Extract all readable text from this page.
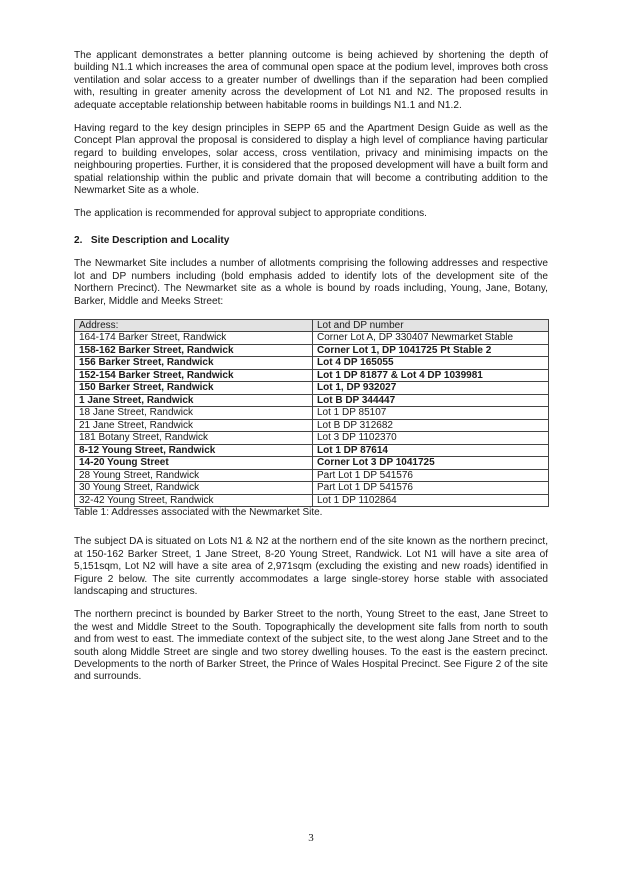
The applicant demonstrates a better planning outcome is being achieved by shortening the depth of building N1.1 which increases the area of communal open space at the podium level, improves both cross ventilation and solar access to a greater number of dwellings than if the separation had been complied with, resulting in greater amenity across the development of Lot N1 and N2. The proposed results in adequate acceptable relationship between habitable rooms in buildings N1.1 and N1.2.

Having regard to the key design principles in SEPP 65 and the Apartment Design Guide as well as the Concept Plan approval the proposal is considered to display a high level of compliance having particular regard to building envelopes, solar access, cross ventilation, privacy and minimising impacts on the neighbouring properties. Further, it is considered that the proposed development will have a built form and spatial relationship within the public and private domain that will become a contributing addition to the Newmarket Site as a whole.

The application is recommended for approval subject to appropriate conditions.

2.   Site Description and Locality

The Newmarket Site includes a number of allotments comprising the following addresses and respective lot and DP numbers including (bold emphasis added to identify lots of the development site of the Northern Precinct). The Newmarket site as a whole is bound by roads including, Young, Jane, Botany, Barker, Middle and Meeks Street:

Address:	Lot and DP number
164-174 Barker Street, Randwick	Corner Lot A, DP 330407 Newmarket Stable
158-162 Barker Street, Randwick	Corner Lot 1, DP 1041725 Pt Stable 2
156 Barker Street, Randwick	Lot 4 DP 165055
152-154 Barker Street, Randwick	Lot 1 DP 81877 & Lot 4 DP 1039981
150 Barker Street, Randwick	Lot 1, DP 932027
1 Jane Street, Randwick	Lot B DP 344447
18 Jane Street, Randwick	Lot 1 DP 85107
21 Jane Street, Randwick	Lot B DP 312682
181 Botany Street, Randwick	Lot 3 DP 1102370
8-12 Young Street, Randwick	Lot 1 DP 87614
14-20 Young Street	Corner Lot 3 DP 1041725
28 Young Street, Randwick	Part Lot 1 DP 541576
30 Young Street, Randwick	Part Lot 1 DP 541576
32-42 Young Street, Randwick	Lot 1 DP 1102864

Table 1: Addresses associated with the Newmarket Site.

The subject DA is situated on Lots N1 & N2 at the northern end of the site known as the northern precinct, at 150-162 Barker Street, 1 Jane Street, 8-20 Young Street, Randwick. Lot N1 will have a site area of 5,151sqm, Lot N2 will have a site area of 2,971sqm (excluding the existing and new roads) identified in Figure 2 below. The site currently accommodates a large single-storey horse stable with associated landscaping and structures.

The northern precinct is bounded by Barker Street to the north, Young Street to the east, Jane Street to the west and Middle Street to the South. Topographically the development site falls from north to south and from west to east. The immediate context of the subject site, to the west along Jane Street and to the south along Middle Street are single and two storey dwelling houses. To the east is the eastern precinct. Developments to the north of Barker Street, the Prince of Wales Hospital Precinct. See Figure 2 of the site and surrounds.

3
